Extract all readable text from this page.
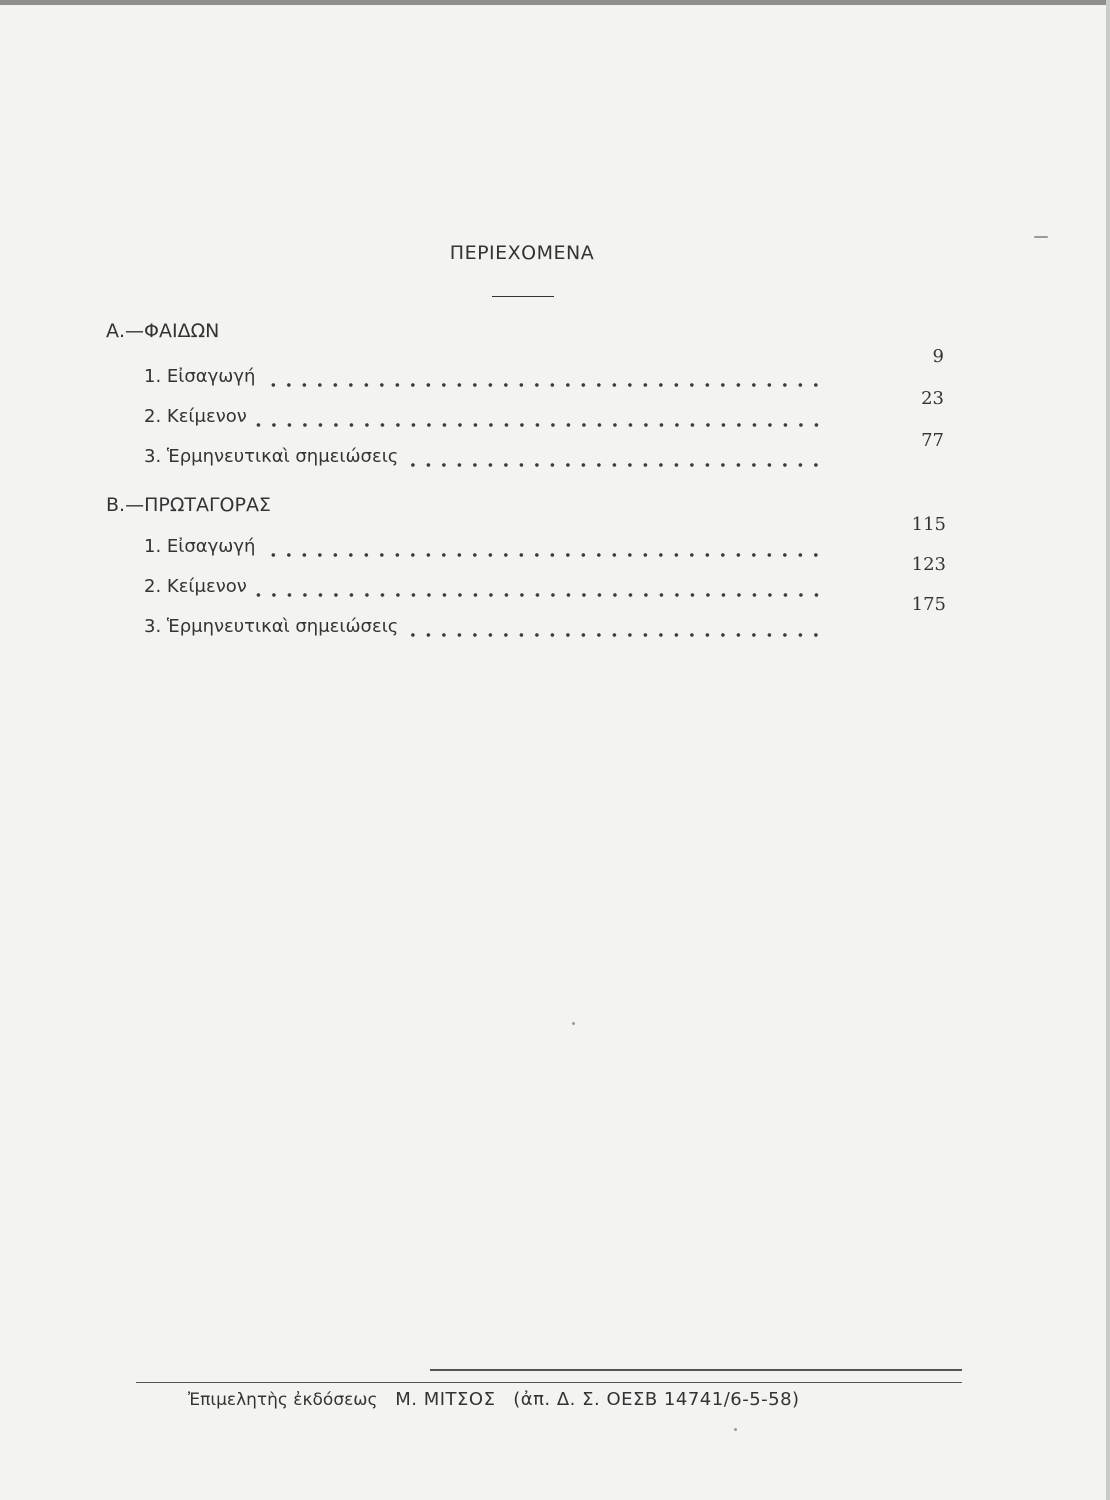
ΠΕΡΙΕΧΟΜΕΝΑ
Α.—ΦΑΙΔΩΝ
1. Εἰσαγωγή
9
2. Κείμενον
23
3. Ἑρμηνευτικαὶ σημειώσεις
77
Β.—ΠΡΩΤΑΓΟΡΑΣ
1. Εἰσαγωγή
115
2. Κείμενον
123
3. Ἑρμηνευτικαὶ σημειώσεις
175
Ἐπιμελητὴς ἐκδόσεως Μ. ΜΙΤΣΟΣ (ἀπ. Δ. Σ. ΟΕΣΒ 14741/6-5-58)
